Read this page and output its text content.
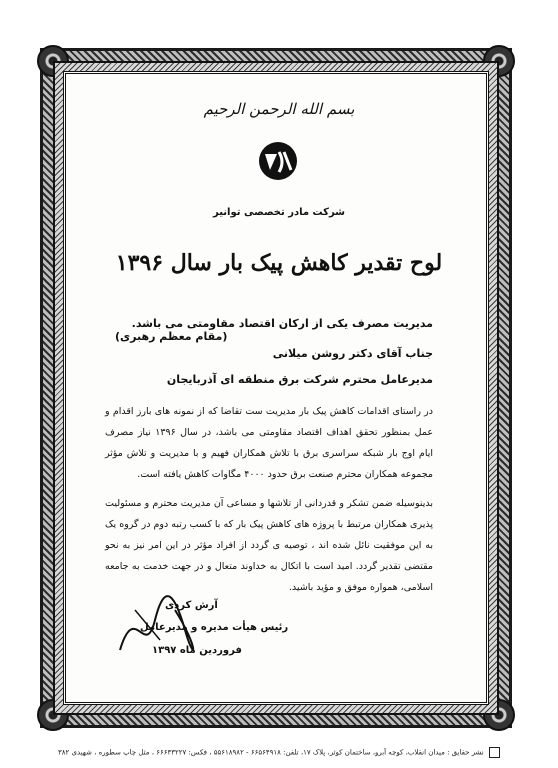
بسم الله الرحمن الرحیم
شرکت مادر تخصصی توانیر
لوح تقدیر کاهش پیک بار سال ۱۳۹۶
مدیریت مصرف یکی از ارکان اقتصاد مقاومتی می باشد.
(مقام معظم رهبری)
جناب آقای دکتر روشن میلانی
مدیرعامل محترم شرکت برق منطقه ای آذربایجان
در راستای اقدامات کاهش پیک بار مدیریت ست تقاضا که از نمونه های بارز اقدام و عمل بمنظور تحقق اهداف اقتصاد مقاومتی می باشد، در سال ۱۳۹۶ نیاز مصرف ایام اوج بار شبکه سراسری برق با تلاش همکاران فهیم و با مدیریت و تلاش مؤثر مجموعه همکاران محترم صنعت برق حدود ۴۰۰۰ مگاوات کاهش یافته است.
بدینوسیله ضمن تشکر و قدردانی از تلاشها و مساعی آن مدیریت محترم و مسئولیت پذیری همکاران مرتبط با پروژه های کاهش پیک بار که با کسب رتبه دوم در گروه یک به این موفقیت نائل شده اند ، توصیه ی گردد از افراد مؤثر در این امر نیز به نحو مقتضی تقدیر گردد. امید است با اتکال به خداوند متعال و در جهت خدمت به جامعه اسلامی، همواره موفق و مؤید باشید.
آرش کردی
رئیس هیأت مدیره و مدیرعامل
فروردین ماه ۱۳۹۷
نشر حقایق : میدان انقلاب، کوچه آبرو، ساختمان کوثر، پلاک ۱۷، تلفن: ۶۶۵۶۴۹۱۸ - ۵۵۶۱۸۹۸۲ ، فکس: ۶۶۶۳۳۲۲۷ ، مثل چاپ سطوره ، شهیدی ۳۸۲
